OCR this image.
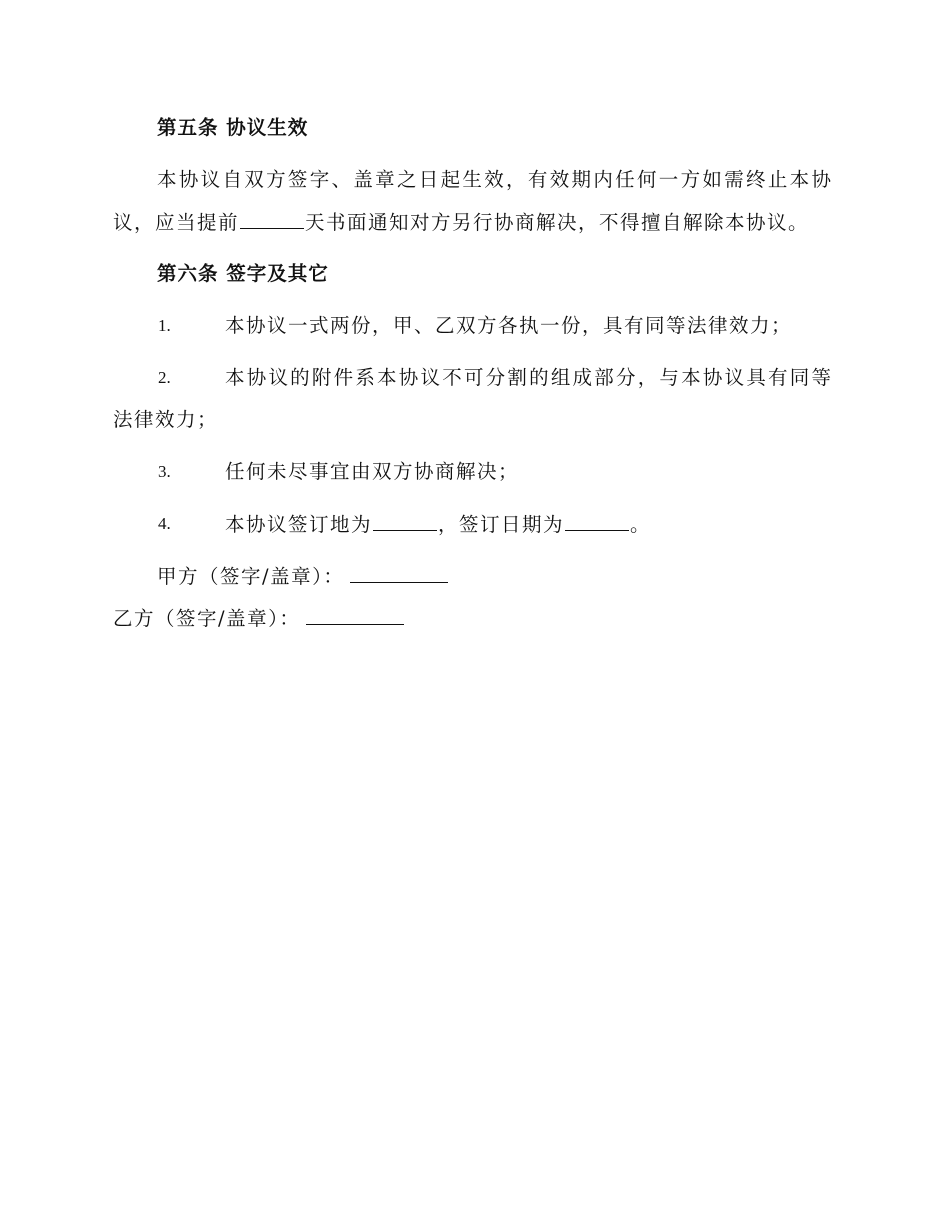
第五条 协议生效
本协议自双方签字、盖章之日起生效，有效期内任何一方如需终止本协
议，应当提前	天书面通知对方另行协商解决，不得擅自解除本协议。
第六条 签字及其它
1.	本协议一式两份，甲、乙双方各执一份，具有同等法律效力；
2.	本协议的附件系本协议不可分割的组成部分，与本协议具有同等
法律效力；
3.	任何未尽事宜由双方协商解决；
4.	本协议签订地为	，签订日期为	。
甲方（签字/盖章）：
乙方（签字/盖章）：
